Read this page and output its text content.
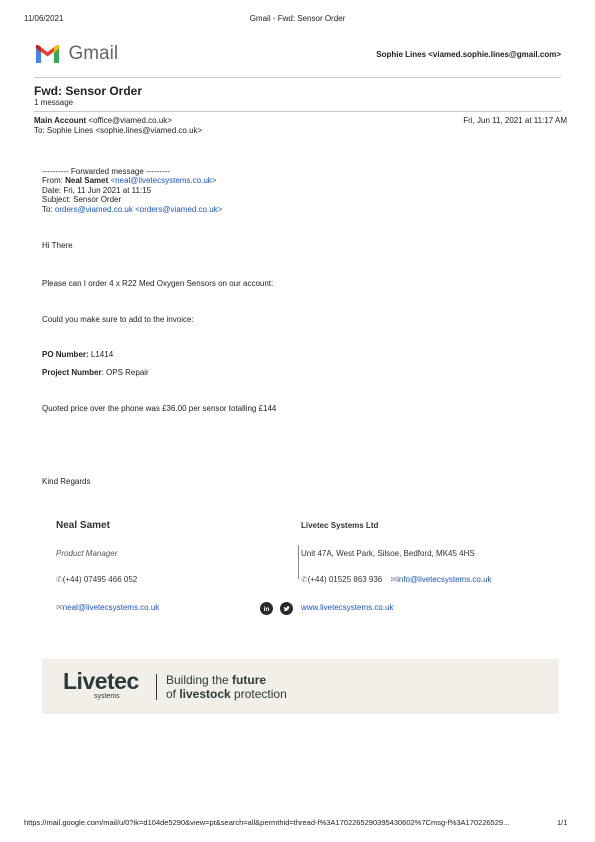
11/06/2021	Gmail - Fwd: Sensor Order
Gmail	Sophie Lines <viamed.sophie.lines@gmail.com>
Fwd: Sensor Order
1 message
Main Account <office@viamed.co.uk>	Fri, Jun 11, 2021 at 11:17 AM
To: Sophie Lines <sophie.lines@viamed.co.uk>
---------- Forwarded message ---------
From: Neal Samet <neal@livetecsystems.co.uk>
Date: Fri, 11 Jun 2021 at 11:15
Subject: Sensor Order
To: orders@viamed.co.uk <orders@viamed.co.uk>
Hi There
Please can I order 4 x R22 Med Oxygen Sensors on our account:
Could you make sure to add to the invoice:
PO Number: L1414
Project Number: OPS Repair
Quoted price over the phone was £36.00 per sensor totalling £144
Kind Regards
Neal Samet
Product Manager
✆(+44) 07495 466 052
✉neal@livetecsystems.co.uk	in

Livetec Systems Ltd
Unit 47A, West Park, Silsoe, Bedford, MK45 4HS
✆(+44) 01525 863 936 ✉info@livetecsystems.co.uk
www.livetecsystems.co.uk
Livetec
systems
Building the future
of livestock protection
https://mail.google.com/mail/u/0?ik=d104de5290&view=pt&search=all&permthid=thread-f%3A1702265290395430602%7Cmsg-f%3A170226529...	1/1
